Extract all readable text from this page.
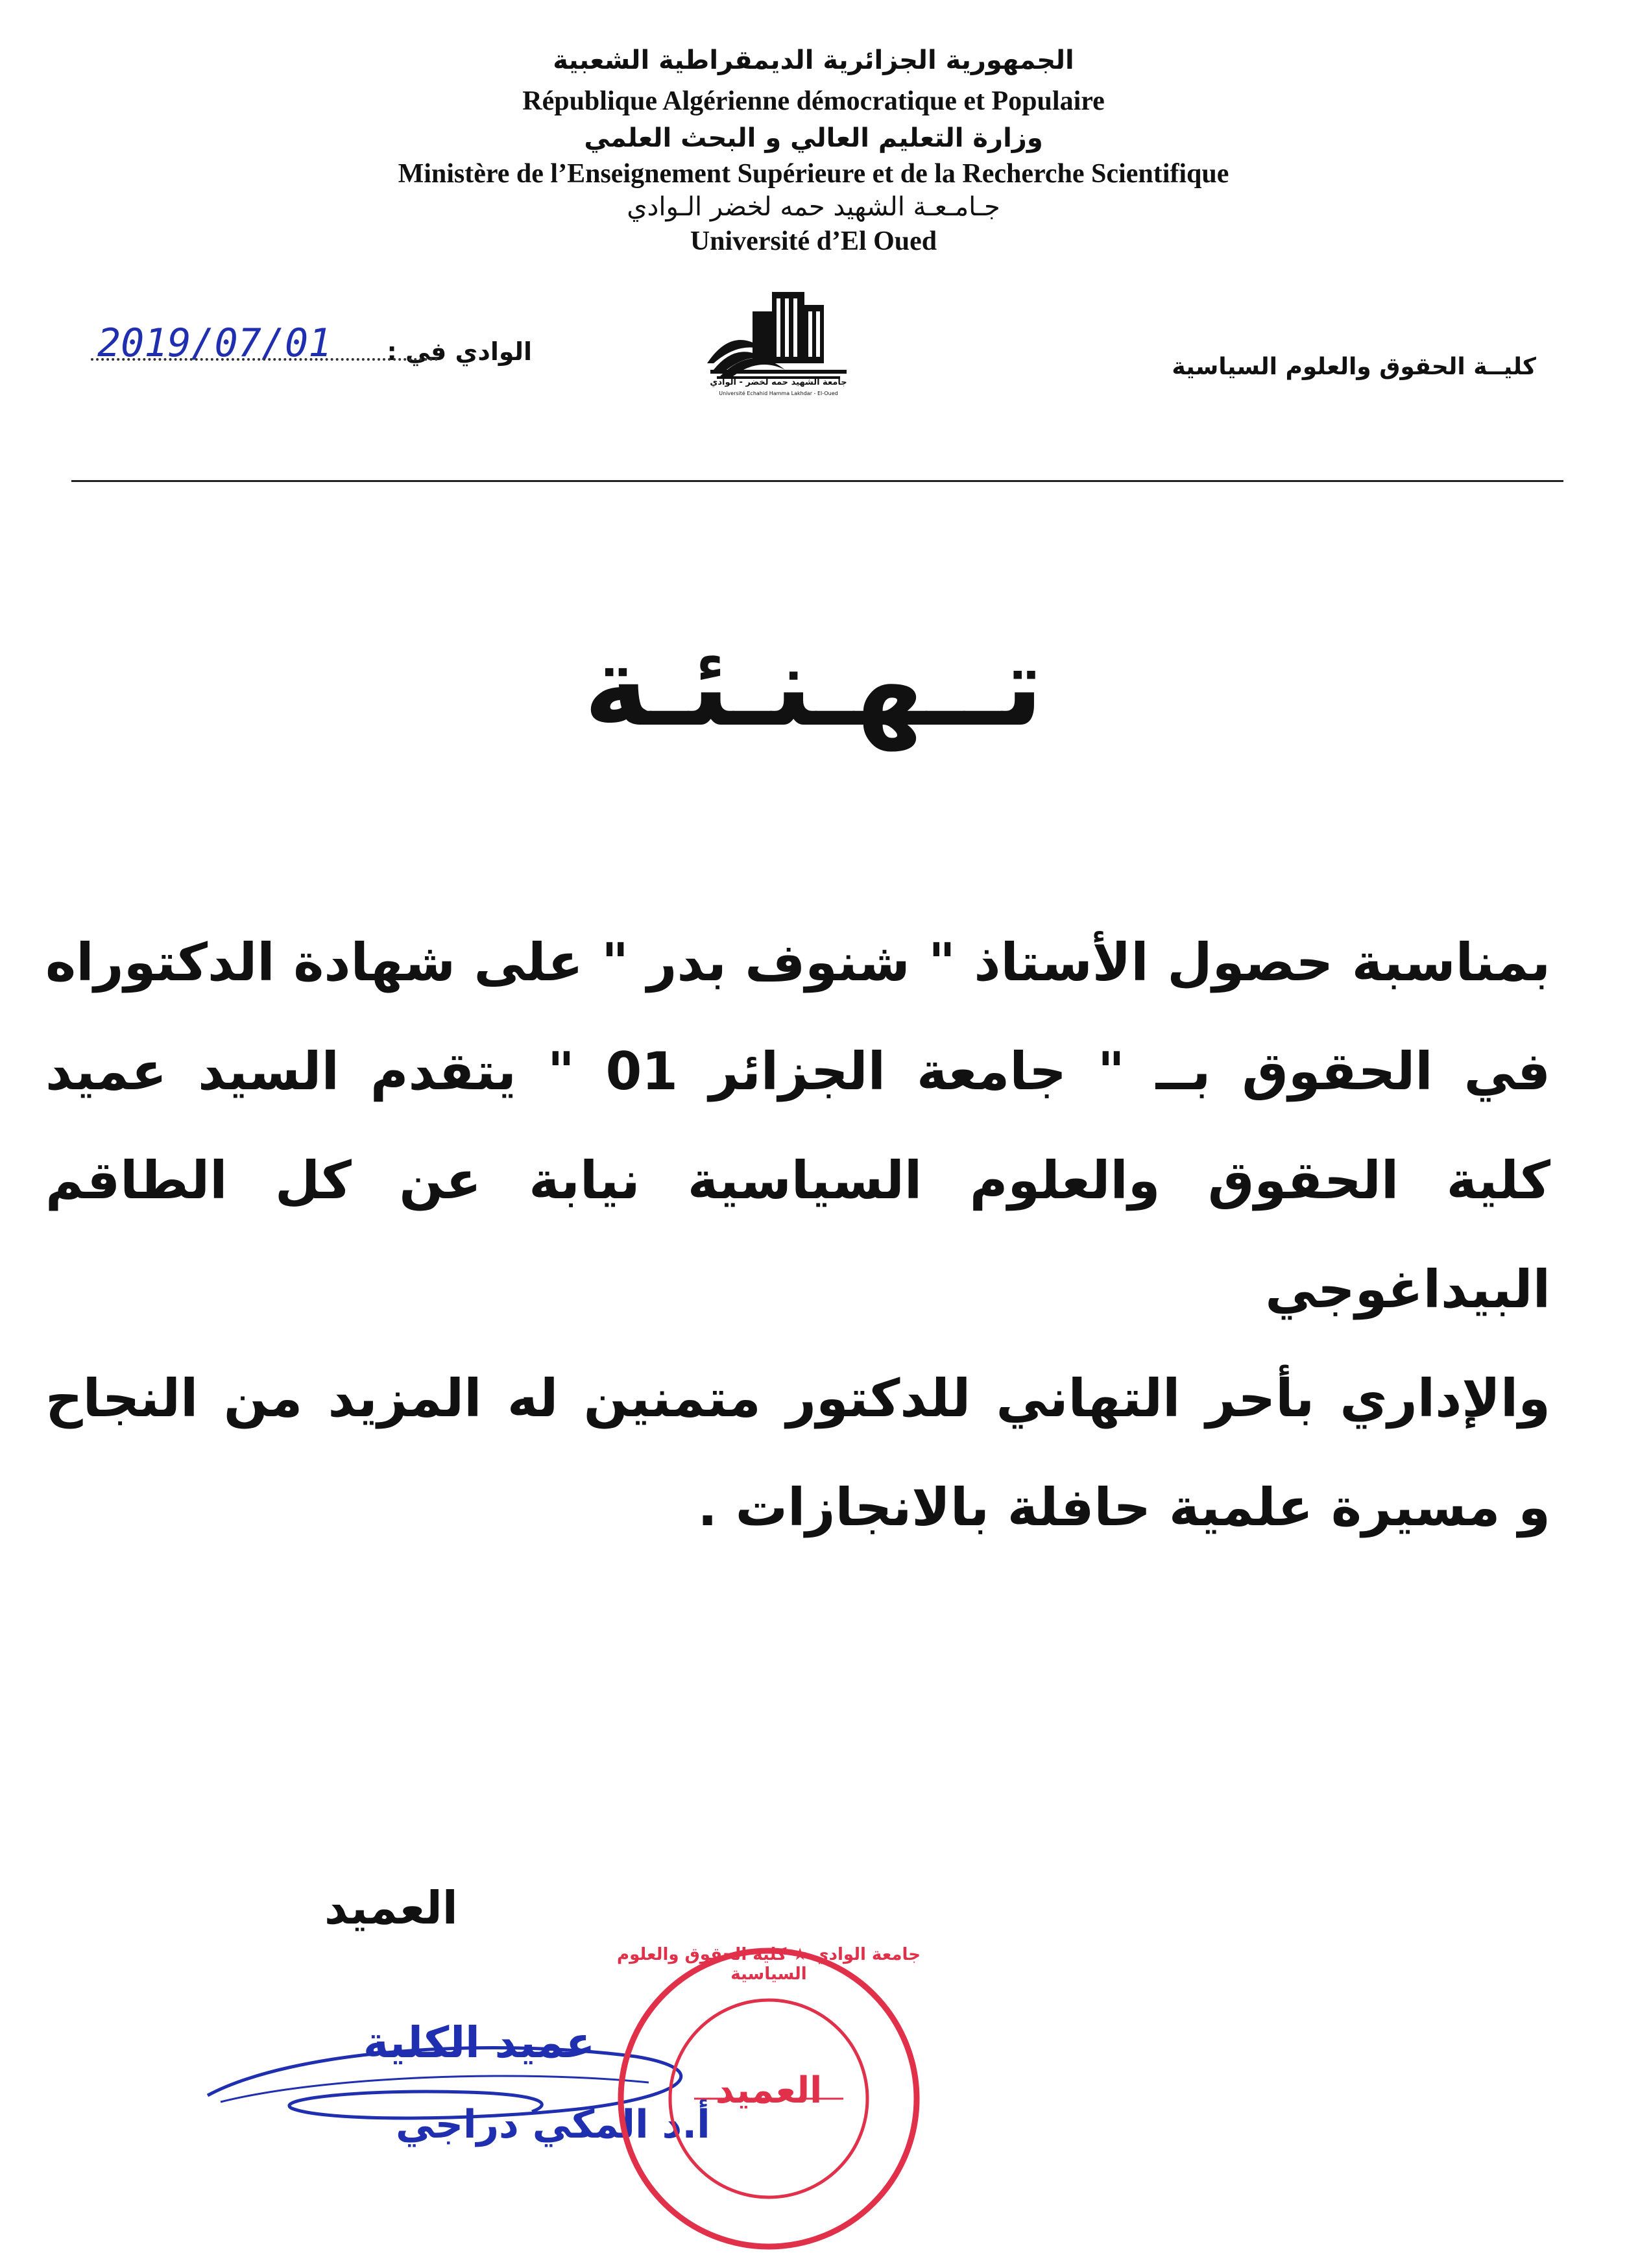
الجمهورية الجزائرية الديمقراطية الشعبية
République Algérienne démocratique et Populaire
وزارة التعليم العالي و البحث العلمي
Ministère de l’Enseignement Supérieure et de la Recherche Scientifique
جـامـعـة الشهيد حمه لخضر الـوادي
Université d’El Oued
كليــة الحقوق والعلوم السياسية
الوادي في :
2019/07/01
جامعة الشهيد حمه لخضر - الوادي
Université Echahid Hamma Lakhdar - El-Oued
تــهـنـئـة
بمناسبة حصول الأستاذ " شنوف بدر " على شهادة الدكتوراه
في الحقوق بــ " جامعة الجزائر 01 " يتقدم السيد عميد
كلية الحقوق والعلوم السياسية نيابة عن كل الطاقم البيداغوجي
والإداري بأحر التهاني للدكتور متمنين له المزيد من النجاح
و مسيرة علمية حافلة بالانجازات .
العميد
عميد الكلية
أ.د المكي دراجي
جامعة الوادي ★ كلية الحقوق والعلوم السياسية
العميد
